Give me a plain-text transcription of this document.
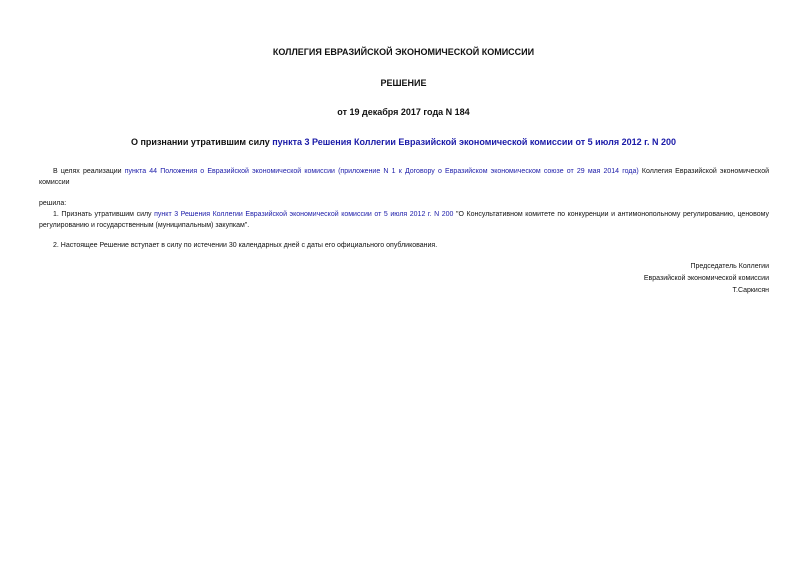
КОЛЛЕГИЯ ЕВРАЗИЙСКОЙ ЭКОНОМИЧЕСКОЙ КОМИССИИ
РЕШЕНИЕ
от 19 декабря 2017 года N 184
О признании утратившим силу пункта 3 Решения Коллегии Евразийской экономической комиссии от 5 июля 2012 г. N 200
В целях реализации пункта 44 Положения о Евразийской экономической комиссии (приложение N 1 к Договору о Евразийском экономическом союзе от 29 мая 2014 года) Коллегия Евразийской экономической комиссии
решила:
1. Признать утратившим силу пункт 3 Решения Коллегии Евразийской экономической комиссии от 5 июля 2012 г. N 200 "О Консультативном комитете по конкуренции и антимонопольному регулированию, ценовому регулированию и государственным (муниципальным) закупкам".
2. Настоящее Решение вступает в силу по истечении 30 календарных дней с даты его официального опубликования.
Председатель Коллегии
Евразийской экономической комиссии
Т.Саркисян
